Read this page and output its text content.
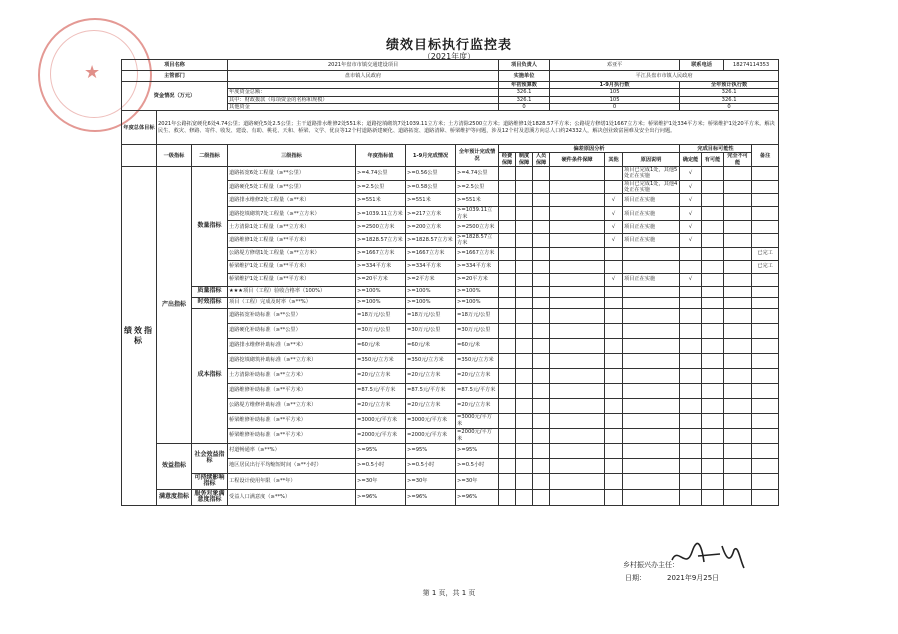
★
绩效目标执行监控表
（2021年度）
项目名称			2021年盘市市镇交通建设项目				项目负责人			邓亚平			联系电话		18274114353	
主管部门			盘市镇人民政府				实施单位			平江县盘市市镇人民政府						
资金情况（万元）							年初预算数			1-9月执行数			全年预计执行数			
			年度资金总额：				326.1			105			326.1			
			其中：财政拨款（每项资金的名称和规模）				326.1			105			326.1			
			其他资金				0			0			0			
年度总体目标	2021年公路拓宽硬化6处4.74公里；道路硬化5处2.5公里；主干道路排水维修2处551米；道路挖填砌筑7处1039.11立方米；土方清除2500立方米；道路维修1处1828.57平方米；公路堤方修缮1处1667立方米；桥梁维护1处334平方米；桥梁维护1处20平方米。解决民生、救灾、修路、寄件、收发、建设、有助、桃花、天和、桥梁、文学、优良等12个村道路新建硬化、道路拓宽、道路清障、桥梁维护等问题，涉及12个村及恩溪方向总人口约24332人，解决创业致富困难及安全出行问题。															
	一级指标	二级指标	三级指标	年度指标值	1-9月完成情况	全年预计完成情况	偏差原因分析						完成目标可能性			备注
							经费保障	制度保障	人员保障	硬件条件保障	其他	原因说明	确定能	有可能	完全不可能	
绩效指标	产出指标	数量指标	道路拓宽6处工程量（≥**公里）	>=4.74公里	>=0.56公里	>=4.74公里						项目已完成1处，其他5处正在实施	√			
			道路硬化5处工程量（≥**公里）	>=2.5公里	>=0.58公里	>=2.5公里						项目已完成1处，其他4处正在实施	√			
			道路排水维修2处工程量（≥**米）	>=551米	>=551米	>=551米					√	项目正在实施	√			
			道路挖填砌筑7处工程量（≥**立方米）	>=1039.11立方米	>=217立方米	>=1039.11立方米					√	项目正在实施	√			
			土方清除1处工程量（≥**立方米）	>=2500立方米	>=200立方米	>=2500立方米					√	项目正在实施	√			
			道路维修1处工程量（≥**平方米）	>=1828.57立方米	>=1828.57立方米	>=1828.57立方米					√	项目正在实施	√			
			公路堤方修缮1处工程量（≥**立方米）	>=1667立方米	>=1667立方米	>=1667立方米										已完工
			桥梁维护1处工程量（≥**平方米）	>=334平方米	>=334平方米	>=334平方米										已完工
			桥梁维护1处工程量（≥**平方米）	>=20平方米	>=2平方米	>=20平方米					√	项目正在实施	√			
		质量指标	★★★项目（工程）验收合格率（100%）	>=100%	>=100%	>=100%										
		时效指标	项目（工程）完成及时率（≥**%）	>=100%	>=100%	>=100%										
		成本指标	道路拓宽补助标准（≥**公里）	=18万元/公里	=18万元/公里	=18万元/公里										
			道路硬化补助标准（≥**公里）	=30万元/公里	=30万元/公里	=30万元/公里										
			道路排水维修补助标准（≥**米）	=60元/米	=60元/米	=60元/米										
			道路挖填砌筑补助标准（≥**立方米）	=350元/立方米	=350元/立方米	=350元/立方米										
			土方清除补助标准（≥**立方米）	=20元/立方米	=20元/立方米	=20元/立方米										
			道路维修补助标准（≥**平方米）	=87.5元/平方米	=87.5元/平方米	=87.5元/平方米										
			公路堤方维修补助标准（≥**立方米）	=20元/立方米	=20元/立方米	=20元/立方米										
			桥梁维修补助标准（≥**平方米）	=3000元/平方米	=3000元/平方米	=3000元/平方米										
			桥梁维修补助标准（≥**平方米）	=2000元/平方米	=2000元/平方米	=2000元/平方米										
	效益指标	社会效益指标	村道畅通率（≥**%）	>=95%	>=95%	>=95%										
			地区居民出行平均缩短时间（≥**小时）	>=0.5小时	>=0.5小时	>=0.5小时										
		可持续影响指标	工程设计使用年限（≥**年）	>=30年	>=30年	>=30年										
	满意度指标	服务对象满意度指标	受益人口满意度（≥**%）	>=96%	>=96%	>=96%										
乡村振兴办主任：
日期：	2021年9月25日
第 1 页，共 1 页
